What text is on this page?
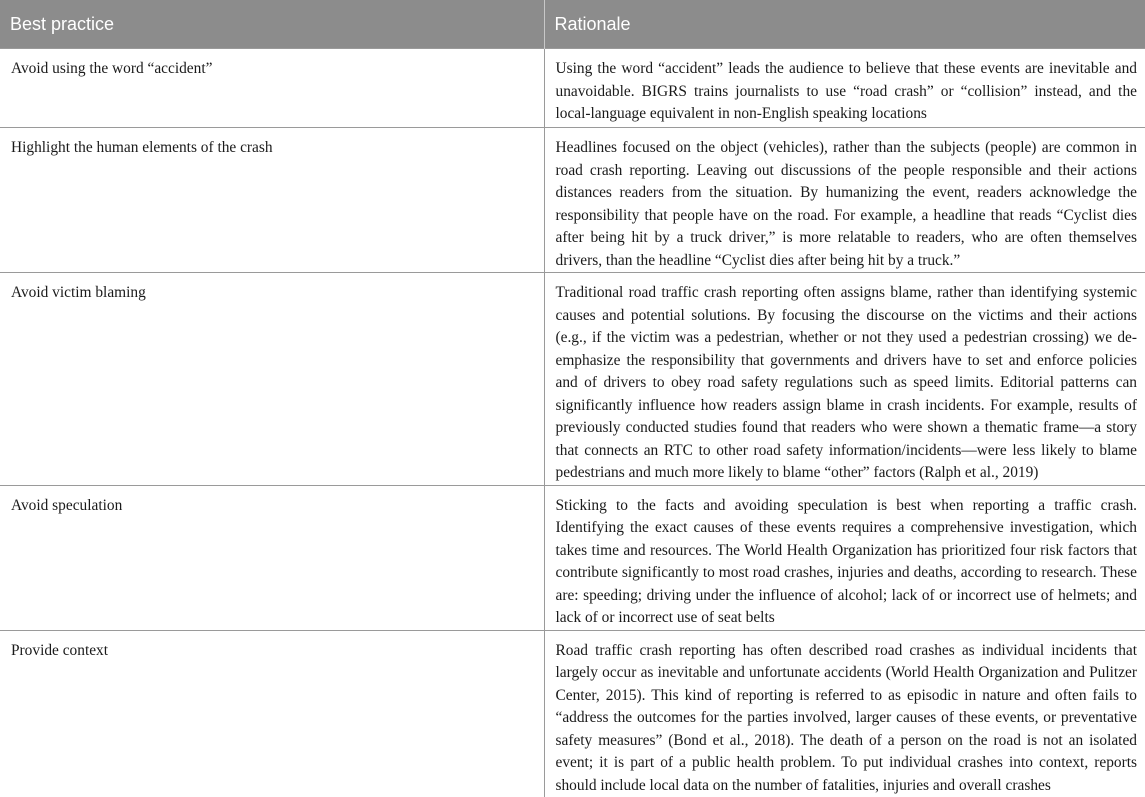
Best practice	Rationale
Avoid using the word “accident”	Using the word “accident” leads the audience to believe that these events are inevitable and unavoidable. BIGRS trains journalists to use “road crash” or “collision” instead, and the local-language equivalent in non-English speaking locations
Highlight the human elements of the crash	Headlines focused on the object (vehicles), rather than the subjects (people) are common in road crash reporting. Leaving out discussions of the people responsible and their actions distances readers from the situation. By humanizing the event, readers acknowledge the responsibility that people have on the road. For example, a headline that reads “Cyclist dies after being hit by a truck driver,” is more relatable to readers, who are often themselves drivers, than the headline “Cyclist dies after being hit by a truck.”
Avoid victim blaming	Traditional road traffic crash reporting often assigns blame, rather than identifying systemic causes and potential solutions. By focusing the discourse on the victims and their actions (e.g., if the victim was a pedestrian, whether or not they used a pedestrian crossing) we de-emphasize the responsibility that governments and drivers have to set and enforce policies and of drivers to obey road safety regulations such as speed limits. Editorial patterns can significantly influence how readers assign blame in crash incidents. For example, results of previously conducted studies found that readers who were shown a thematic frame—a story that connects an RTC to other road safety information/incidents—were less likely to blame pedestrians and much more likely to blame “other” factors (Ralph et al., 2019)
Avoid speculation	Sticking to the facts and avoiding speculation is best when reporting a traffic crash. Identifying the exact causes of these events requires a comprehensive investigation, which takes time and resources. The World Health Organization has prioritized four risk factors that contribute significantly to most road crashes, injuries and deaths, according to research. These are: speeding; driving under the influence of alcohol; lack of or incorrect use of helmets; and lack of or incorrect use of seat belts
Provide context	Road traffic crash reporting has often described road crashes as individual incidents that largely occur as inevitable and unfortunate accidents (World Health Organization and Pulitzer Center, 2015). This kind of reporting is referred to as episodic in nature and often fails to “address the outcomes for the parties involved, larger causes of these events, or preventative safety measures” (Bond et al., 2018). The death of a person on the road is not an isolated event; it is part of a public health problem. To put individual crashes into context, reports should include local data on the number of fatalities, injuries and overall crashes
